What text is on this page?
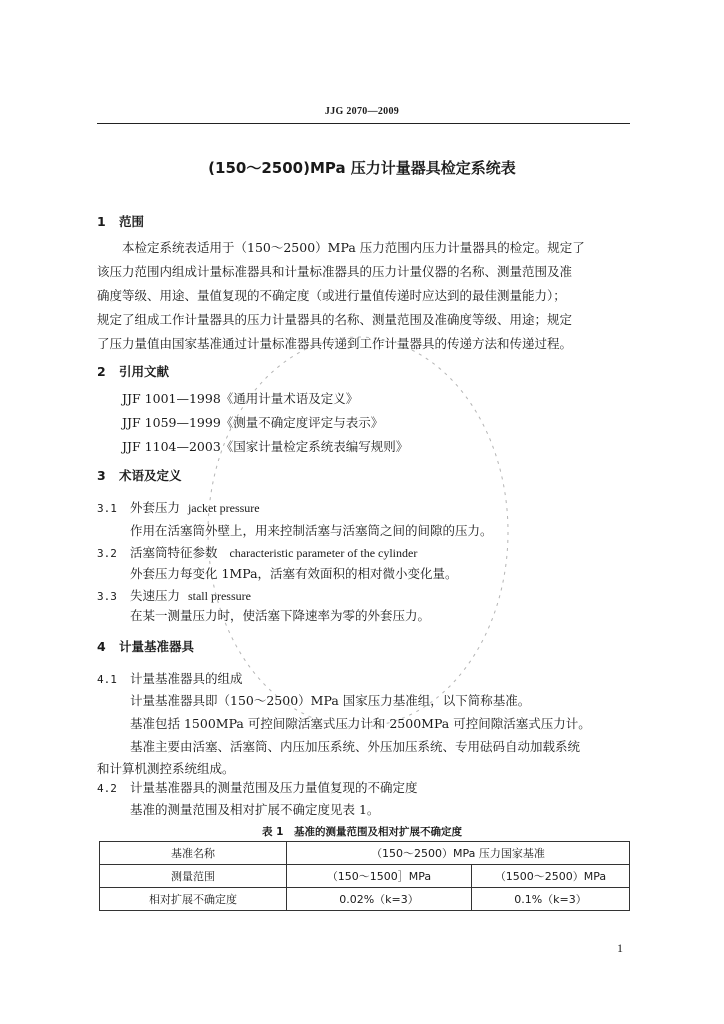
JJG 2070—2009
(150～2500)MPa 压力计量器具检定系统表
1 范围
本检定系统表适用于（150～2500）MPa 压力范围内压力计量器具的检定。规定了
该压力范围内组成计量标准器具和计量标准器具的压力计量仪器的名称、测量范围及准
确度等级、用途、量值复现的不确定度（或进行量值传递时应达到的最佳测量能力）；
规定了组成工作计量器具的压力计量器具的名称、测量范围及准确度等级、用途；规定
了压力量值由国家基准通过计量标准器具传递到工作计量器具的传递方法和传递过程。
2 引用文献
JJF 1001—1998《通用计量术语及定义》
JJF 1059—1999《测量不确定度评定与表示》
JJF 1104—2003《国家计量检定系统表编写规则》
3 术语及定义
3.1 外套压力 jacket pressure
作用在活塞筒外壁上，用来控制活塞与活塞筒之间的间隙的压力。
3.2 活塞筒特征参数 characteristic parameter of the cylinder
外套压力每变化 1MPa，活塞有效面积的相对微小变化量。
3.3 失速压力 stall pressure
在某一测量压力时，使活塞下降速率为零的外套压力。
4 计量基准器具
4.1 计量基准器具的组成
计量基准器具即（150～2500）MPa 国家压力基准组，以下简称基准。
基准包括 1500MPa 可控间隙活塞式压力计和 2500MPa 可控间隙活塞式压力计。
基准主要由活塞、活塞筒、内压加压系统、外压加压系统、专用砝码自动加载系统
和计算机测控系统组成。
4.2 计量基准器具的测量范围及压力量值复现的不确定度
基准的测量范围及相对扩展不确定度见表 1。
表 1　基准的测量范围及相对扩展不确定度
基准名称	（150～2500）MPa 压力国家基准	
测量范围	（150～1500］MPa	（1500～2500）MPa
相对扩展不确定度	0.02%（k=3）	0.1%（k=3）
1
